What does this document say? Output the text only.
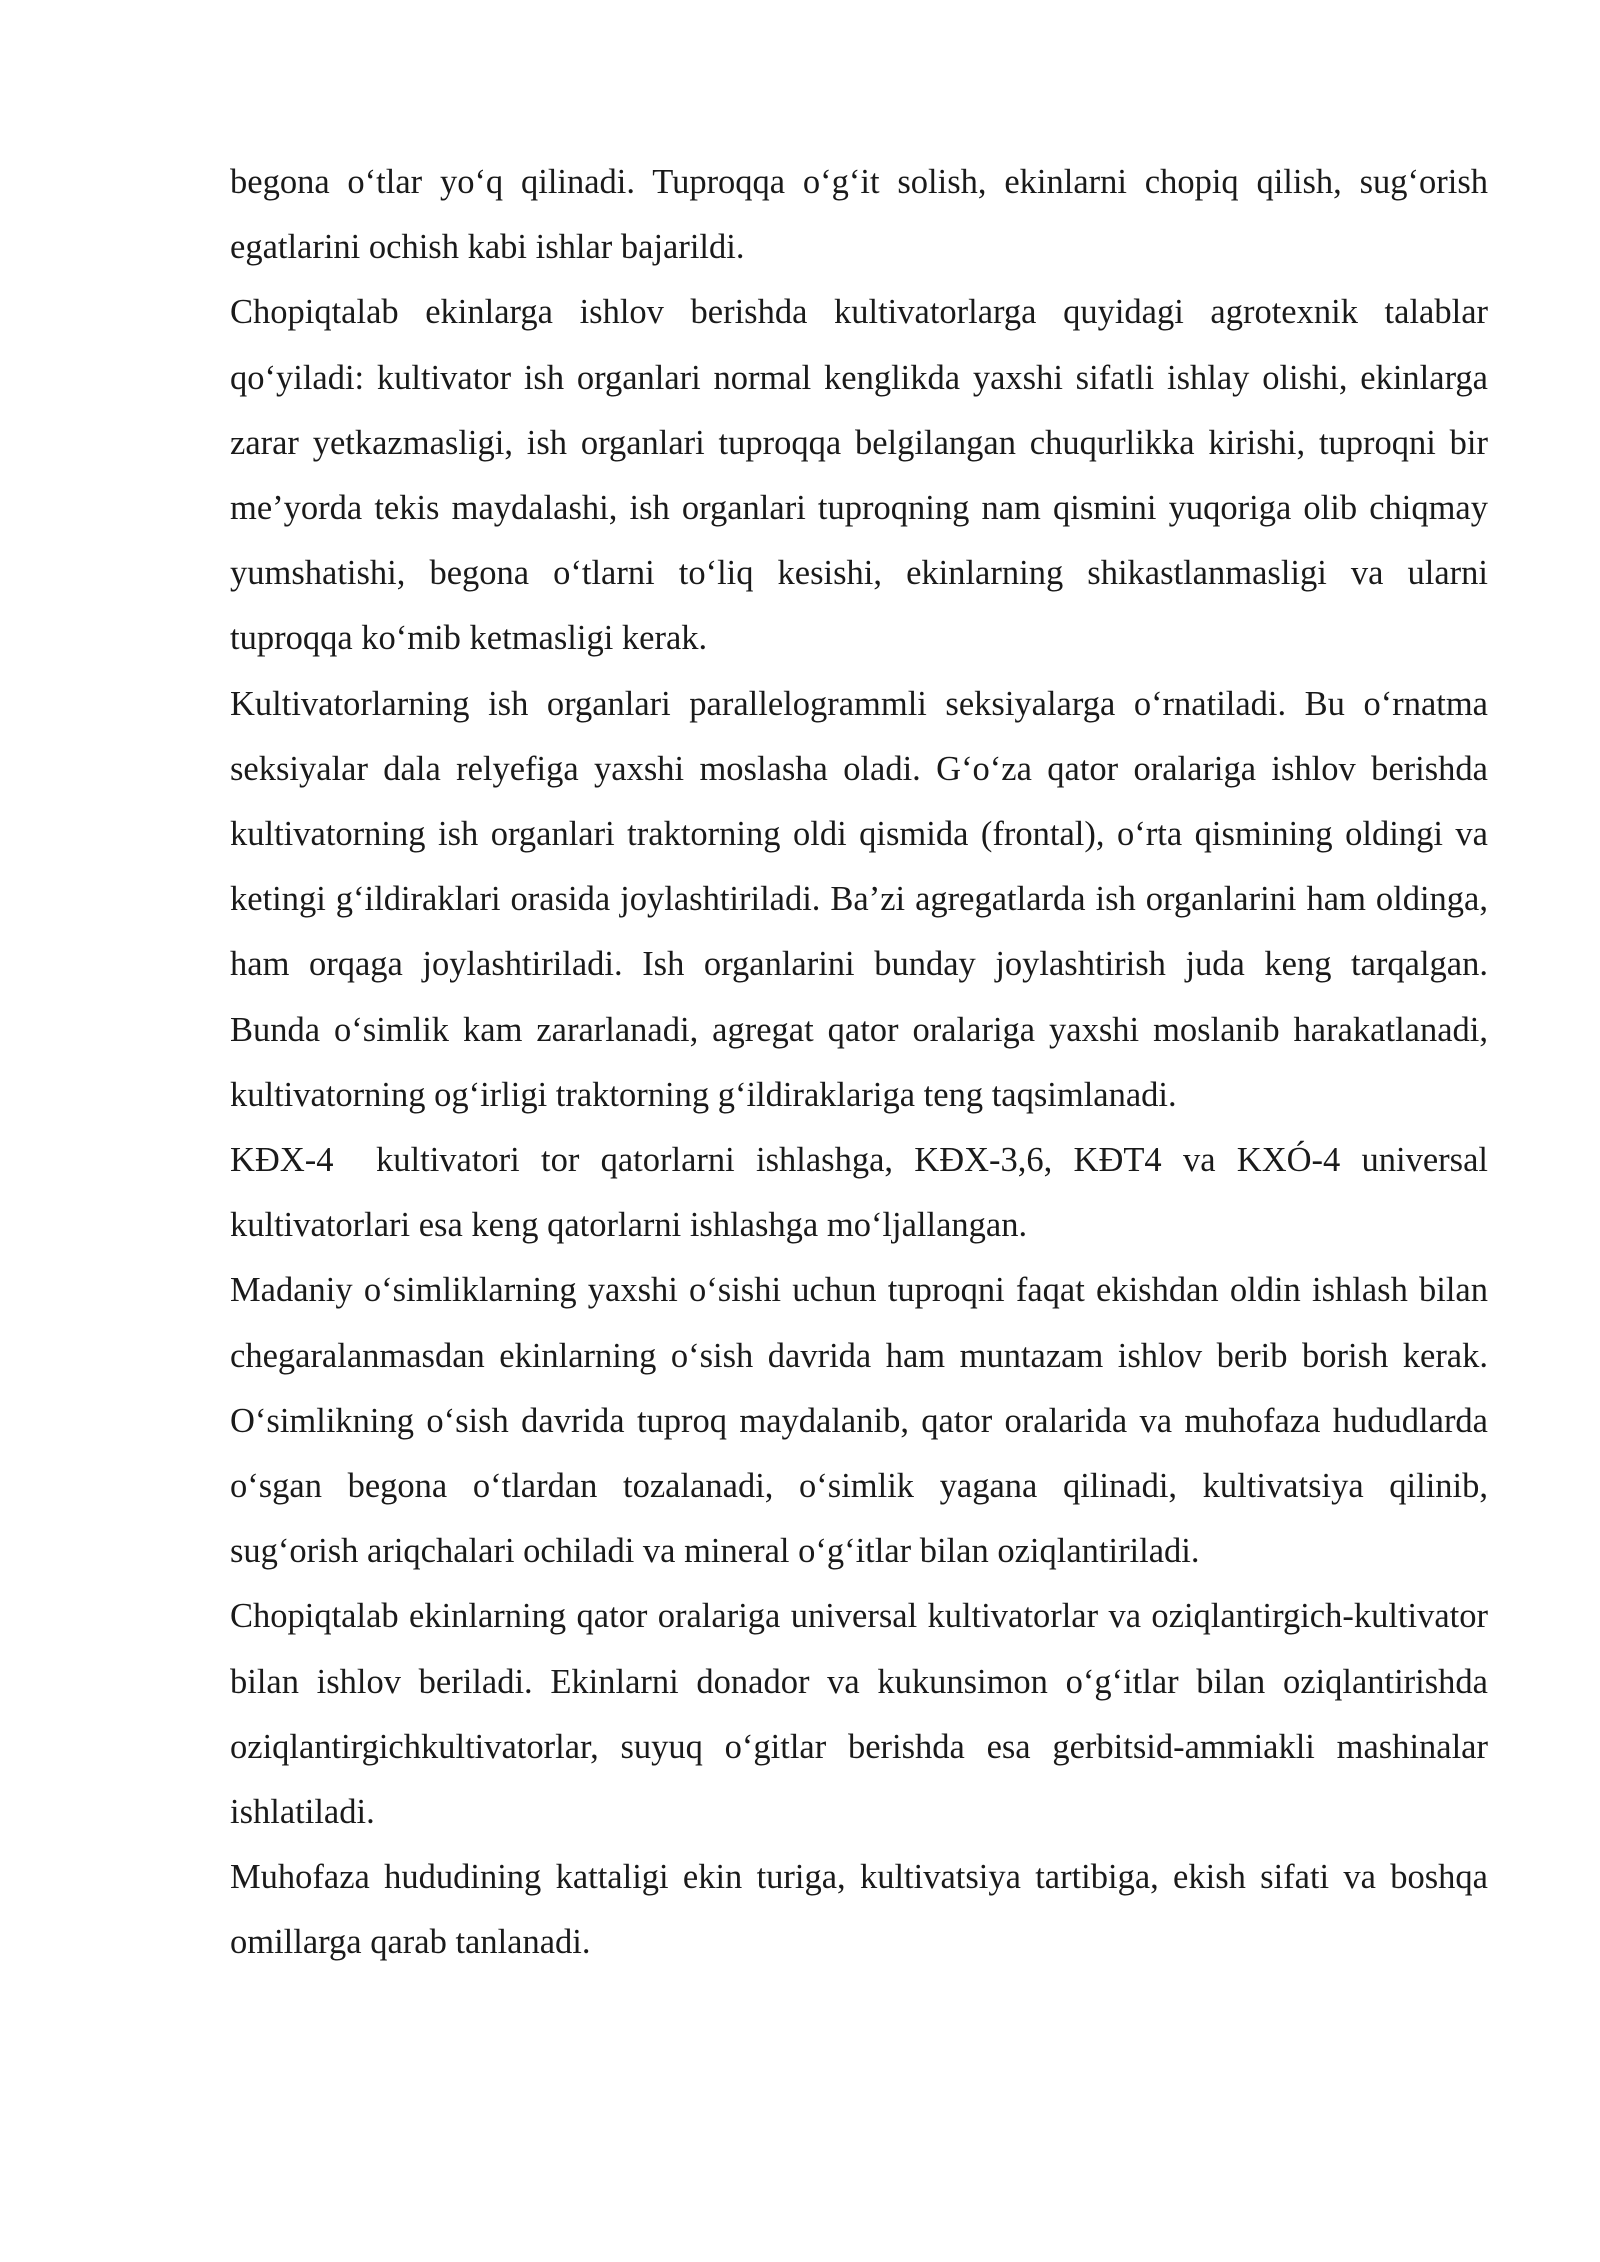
begona o‘tlar yo‘q qilinadi. Tuproqqa o‘g‘it solish, ekinlarni chopiq qilish, sug‘orish egatlarini ochish kabi ishlar bajarildi.

Chopiqtalab ekinlarga ishlov berishda kultivatorlarga quyidagi agrotexnik talablar qo‘yiladi: kultivator ish organlari normal kenglikda yaxshi sifatli ishlay olishi, ekinlarga zarar yetkazmasligi, ish organlari tuproqqa belgilangan chuqurlikka kirishi, tuproqni bir me’yorda tekis maydalashi, ish organlari tuproqning nam qismini yuqoriga olib chiqmay yumshatishi, begona o‘tlarni to‘liq kesishi, ekinlarning shikastlanmasligi va ularni tuproqqa ko‘mib ketmasligi kerak.

Kultivatorlarning ish organlari parallelogrammli seksiyalarga o‘rnatiladi. Bu o‘rnatma seksiyalar dala relyefiga yaxshi moslasha oladi. G‘o‘za qator oralariga ishlov berishda kultivatorning ish organlari traktorning oldi qismida (frontal), o‘rta qismining oldingi va ketingi g‘ildiraklari orasida joylashtiriladi. Ba’zi agregatlarda ish organlarini ham oldinga, ham orqaga joylashtiriladi. Ish organlarini bunday joylashtirish juda keng tarqalgan. Bunda o‘simlik kam zararlanadi, agregat qator oralariga yaxshi moslanib harakatlanadi, kultivatorning og‘irligi traktorning g‘ildiraklariga teng taqsimlanadi.

KĐX-4  kultivatori tor qatorlarni ishlashga, KĐX-3,6, KĐT4 va KXÓ-4 universal kultivatorlari esa keng qatorlarni ishlashga mo‘ljallangan.

Madaniy o‘simliklarning yaxshi o‘sishi uchun tuproqni faqat ekishdan oldin ishlash bilan chegaralanmasdan ekinlarning o‘sish davrida ham muntazam ishlov berib borish kerak. O‘simlikning o‘sish davrida tuproq maydalanib, qator oralarida va muhofaza hududlarda o‘sgan begona o‘tlardan tozalanadi, o‘simlik yagana qilinadi, kultivatsiya qilinib, sug‘orish ariqchalari ochiladi va mineral o‘g‘itlar bilan oziqlantiriladi.

Chopiqtalab ekinlarning qator oralariga universal kultivatorlar va oziqlantirgich-kultivator bilan ishlov beriladi. Ekinlarni donador va kukunsimon o‘g‘itlar bilan oziqlantirishda  oziqlantirgichkultivatorlar, suyuq o‘gitlar berishda esa gerbitsid-ammiakli mashinalar ishlatiladi.

Muhofaza hududining kattaligi ekin turiga, kultivatsiya tartibiga, ekish sifati va boshqa omillarga qarab tanlanadi.
